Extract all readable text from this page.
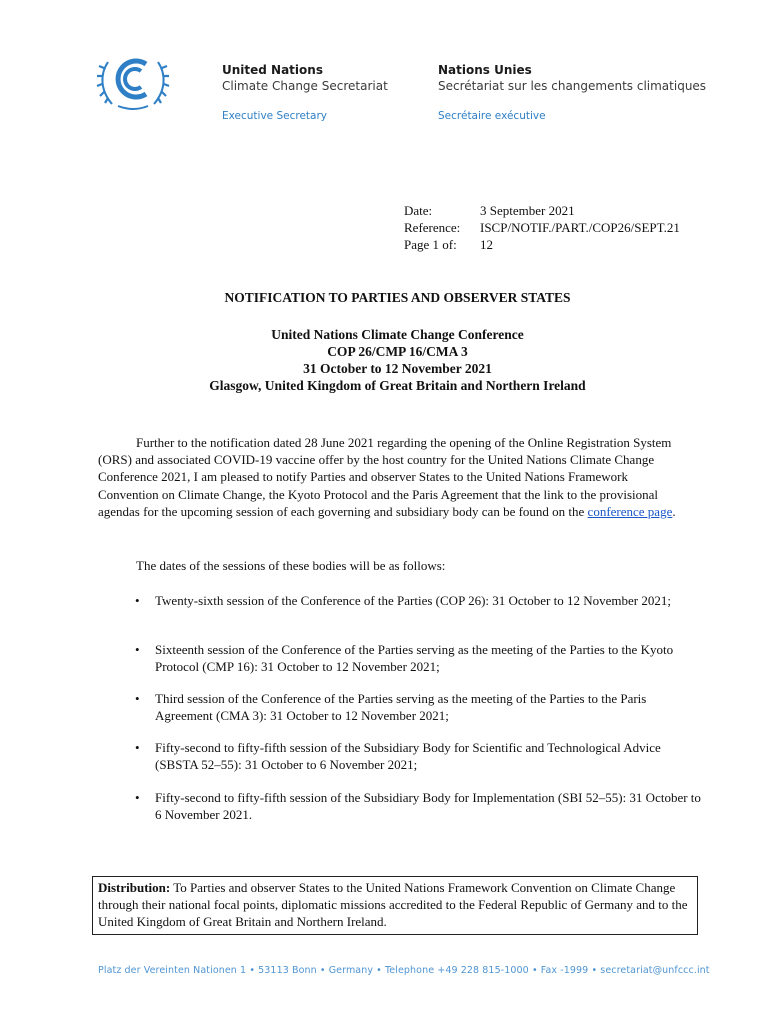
United Nations
Climate Change Secretariat
Executive Secretary
Nations Unies
Secrétariat sur les changements climatiques
Secrétaire exécutive
Date:	3 September 2021
Reference: ISCP/NOTIF./PART./COP26/SEPT.21
Page 1 of: 12
NOTIFICATION TO PARTIES AND OBSERVER STATES
United Nations Climate Change Conference
COP 26/CMP 16/CMA 3
31 October to 12 November 2021
Glasgow, United Kingdom of Great Britain and Northern Ireland
Further to the notification dated 28 June 2021 regarding the opening of the Online Registration System (ORS) and associated COVID-19 vaccine offer by the host country for the United Nations Climate Change Conference 2021, I am pleased to notify Parties and observer States to the United Nations Framework Convention on Climate Change, the Kyoto Protocol and the Paris Agreement that the link to the provisional agendas for the upcoming session of each governing and subsidiary body can be found on the conference page.
The dates of the sessions of these bodies will be as follows:
• Twenty-sixth session of the Conference of the Parties (COP 26): 31 October to 12 November 2021;
• Sixteenth session of the Conference of the Parties serving as the meeting of the Parties to the Kyoto Protocol (CMP 16): 31 October to 12 November 2021;
• Third session of the Conference of the Parties serving as the meeting of the Parties to the Paris Agreement (CMA 3): 31 October to 12 November 2021;
• Fifty-second to fifty-fifth session of the Subsidiary Body for Scientific and Technological Advice (SBSTA 52–55): 31 October to 6 November 2021;
• Fifty-second to fifty-fifth session of the Subsidiary Body for Implementation (SBI 52–55): 31 October to 6 November 2021.
Distribution: To Parties and observer States to the United Nations Framework Convention on Climate Change through their national focal points, diplomatic missions accredited to the Federal Republic of Germany and to the United Kingdom of Great Britain and Northern Ireland.
Platz der Vereinten Nationen 1 • 53113 Bonn • Germany • Telephone +49 228 815-1000 • Fax -1999 • secretariat@unfccc.int
